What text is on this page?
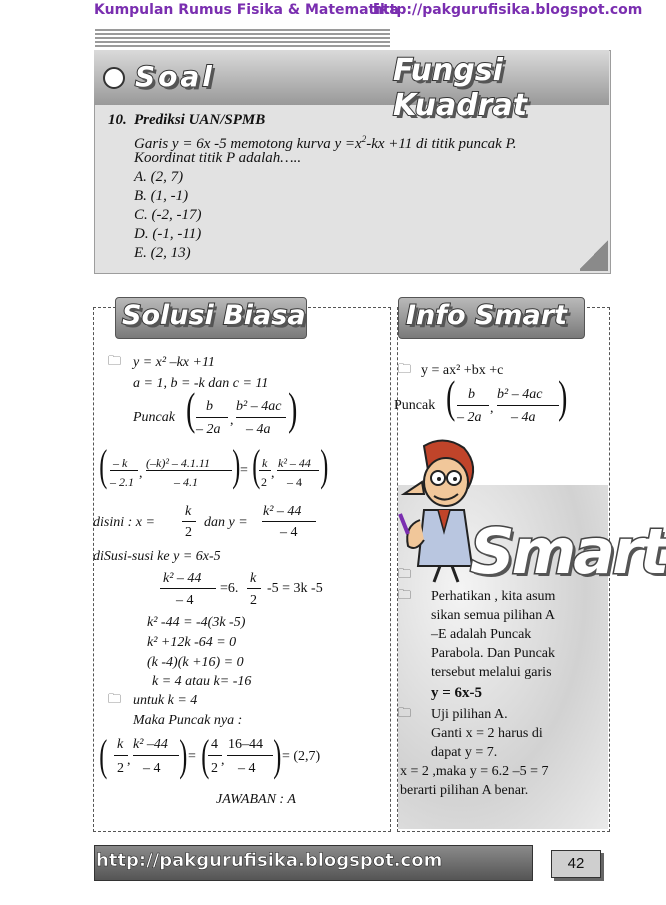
Kumpulan Rumus Fisika & Matematika
http://pakgurufisika.blogspot.com
Soal	Fungsi Kuadrat
10. Prediksi UAN/SPMB
Garis y = 6x -5 memotong kurva $y =x^2-kx +11$ di titik puncak P.
Koordinat titik P adalah…..
A. (2, 7)
B. (1, -1)
C. (-2, -17)
D. (-1, -11)
E. (2, 13)
Solusi Biasa
🗀 y = x² –kx +11
a = 1, b = -k dan c = 11
Puncak ( )
b
– 2a
,
b² – 4ac
– 4a
( – k
– 2.1
,
(–k)² – 4.1.11
– 4.1 ) = ( k
2
,
k² – 44
– 4 )
disini : x =
k
2
dan y =
k² – 44
– 4
diSusi-susi ke y = 6x-5
k² – 44
– 4
=6.
k
2
-5 = 3k -5
k² -44 = -4(3k -5)
k² +12k -64 = 0
(k -4)(k +16) = 0
k = 4 atau k= -16
🗀 untuk k = 4
Maka Puncak nya :
( k
2
,
k² –44
– 4 ) = ( 4
2
,
16–44
– 4 ) = (2,7)
JAWABAN : A
Info Smart
🗀 y = ax² +bx +c
Puncak ( b
– 2a
,
b² – 4ac
– 4a )
Smart
🗀
🗀 Perhatikan , kita asum
sikan semua pilihan A
–E adalah Puncak
Parabola. Dan Puncak
tersebut melalui garis
y = 6x-5
🗀 Uji pilihan A.
Ganti x = 2 harus di
dapat y = 7.
x = 2 ,maka y = 6.2 –5 = 7
berarti pilihan A benar.
http://pakgurufisika.blogspot.com	42
